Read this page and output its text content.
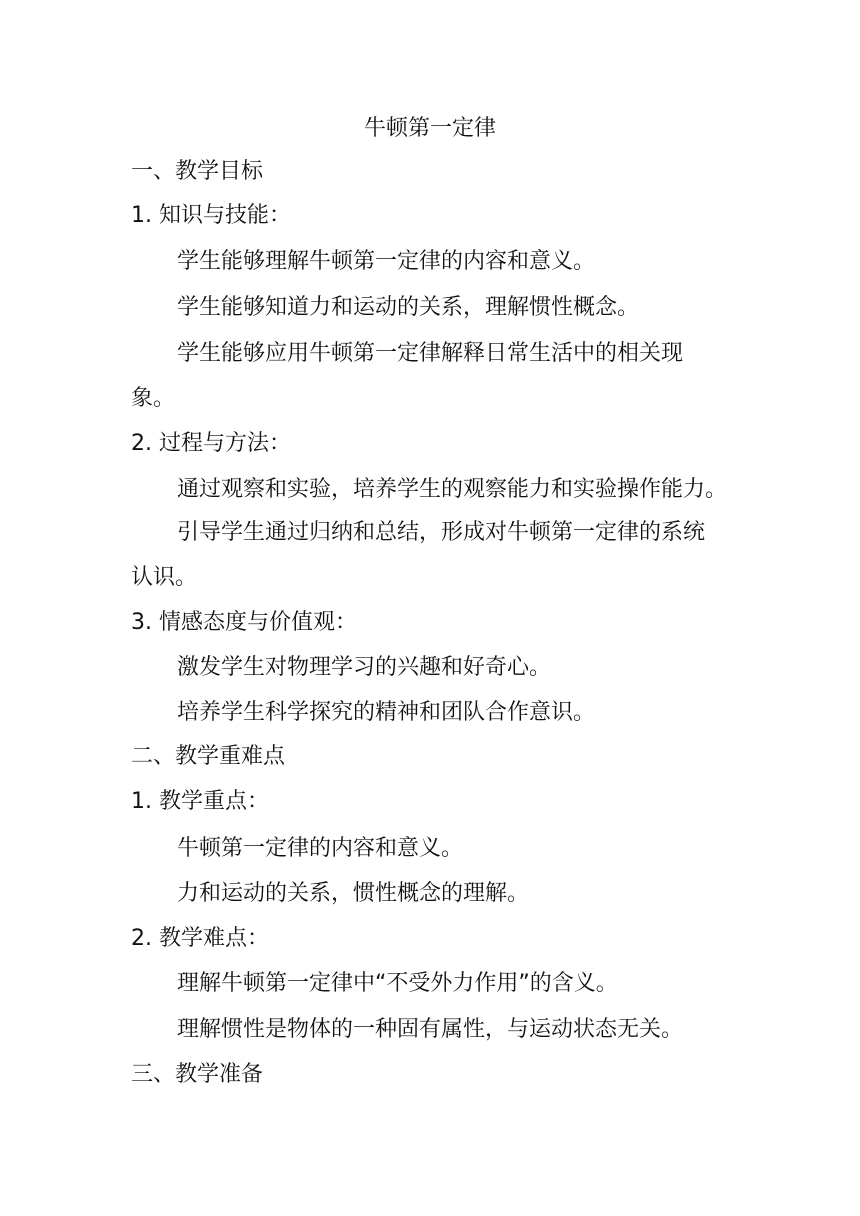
牛顿第一定律
一、教学目标
1. 知识与技能：
学生能够理解牛顿第一定律的内容和意义。
学生能够知道力和运动的关系，理解惯性概念。
学生能够应用牛顿第一定律解释日常生活中的相关现
象。
2. 过程与方法：
通过观察和实验，培养学生的观察能力和实验操作能力。
引导学生通过归纳和总结，形成对牛顿第一定律的系统
认识。
3. 情感态度与价值观：
激发学生对物理学习的兴趣和好奇心。
培养学生科学探究的精神和团队合作意识。
二、教学重难点
1. 教学重点：
牛顿第一定律的内容和意义。
力和运动的关系，惯性概念的理解。
2. 教学难点：
理解牛顿第一定律中“不受外力作用”的含义。
理解惯性是物体的一种固有属性，与运动状态无关。
三、教学准备
